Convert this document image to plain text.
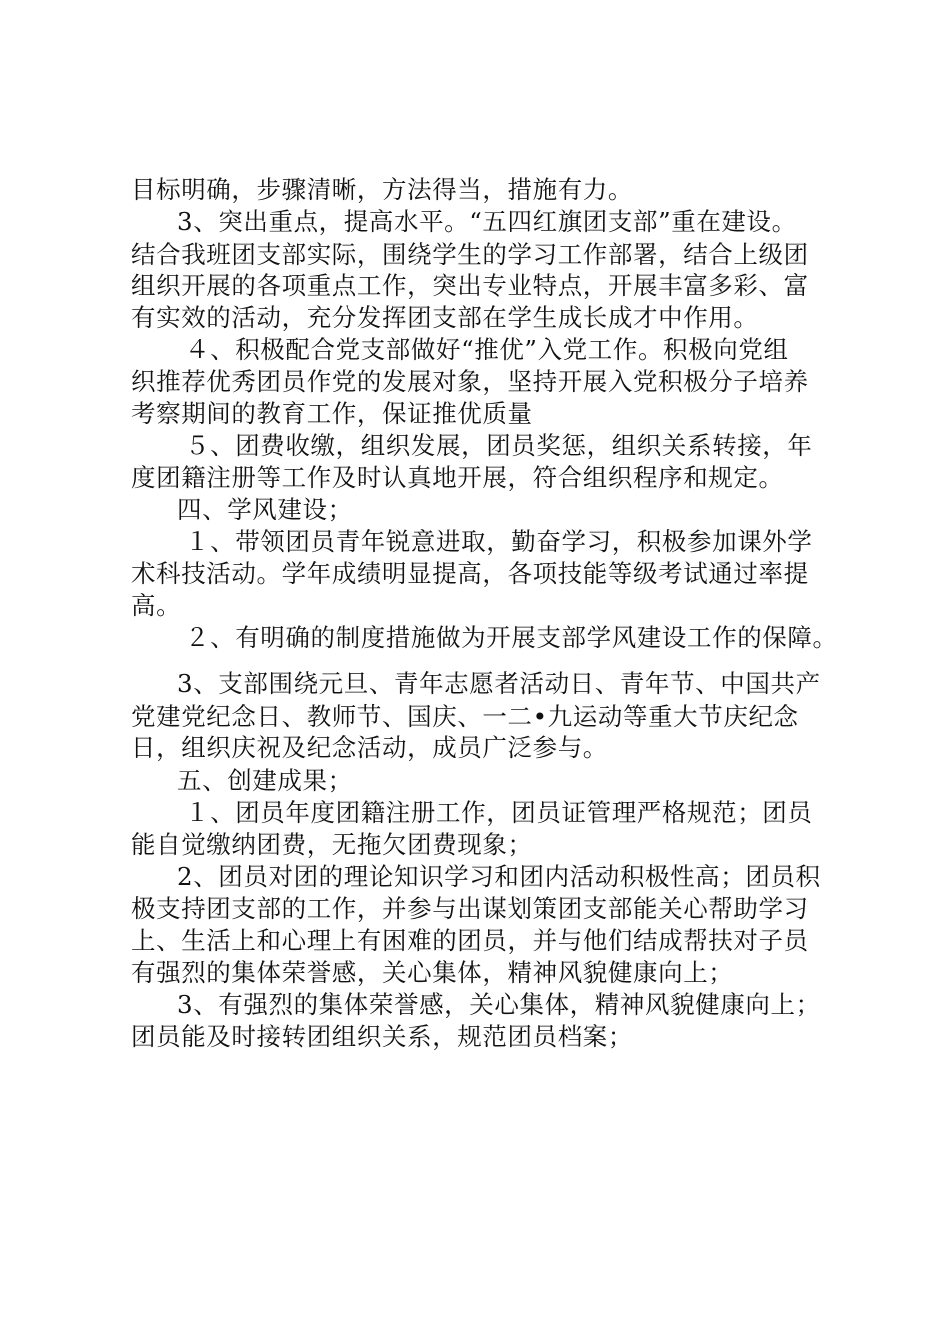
目标明确，步骤清晰，方法得当，措施有力。
3、突出重点，提高水平。“五四红旗团支部”重在建设。
结合我班团支部实际，围绕学生的学习工作部署，结合上级团
组织开展的各项重点工作，突出专业特点，开展丰富多彩、富
有实效的活动，充分发挥团支部在学生成长成才中作用。
４、积极配合党支部做好“推优”入党工作。积极向党组
织推荐优秀团员作党的发展对象，坚持开展入党积极分子培养
考察期间的教育工作，保证推优质量
５、团费收缴，组织发展，团员奖惩，组织关系转接，年
度团籍注册等工作及时认真地开展，符合组织程序和规定。
四、学风建设；
１、带领团员青年锐意进取，勤奋学习，积极参加课外学
术科技活动。学年成绩明显提高，各项技能等级考试通过率提
高。
２、有明确的制度措施做为开展支部学风建设工作的保障。
3、支部围绕元旦、青年志愿者活动日、青年节、中国共产
党建党纪念日、教师节、国庆、一二•九运动等重大节庆纪念
日，组织庆祝及纪念活动，成员广泛参与。
五、创建成果；
１、团员年度团籍注册工作，团员证管理严格规范；团员
能自觉缴纳团费，无拖欠团费现象；
2、团员对团的理论知识学习和团内活动积极性高；团员积
极支持团支部的工作，并参与出谋划策团支部能关心帮助学习
上、生活上和心理上有困难的团员，并与他们结成帮扶对子员
有强烈的集体荣誉感，关心集体，精神风貌健康向上；
3、有强烈的集体荣誉感，关心集体，精神风貌健康向上；
团员能及时接转团组织关系，规范团员档案；
